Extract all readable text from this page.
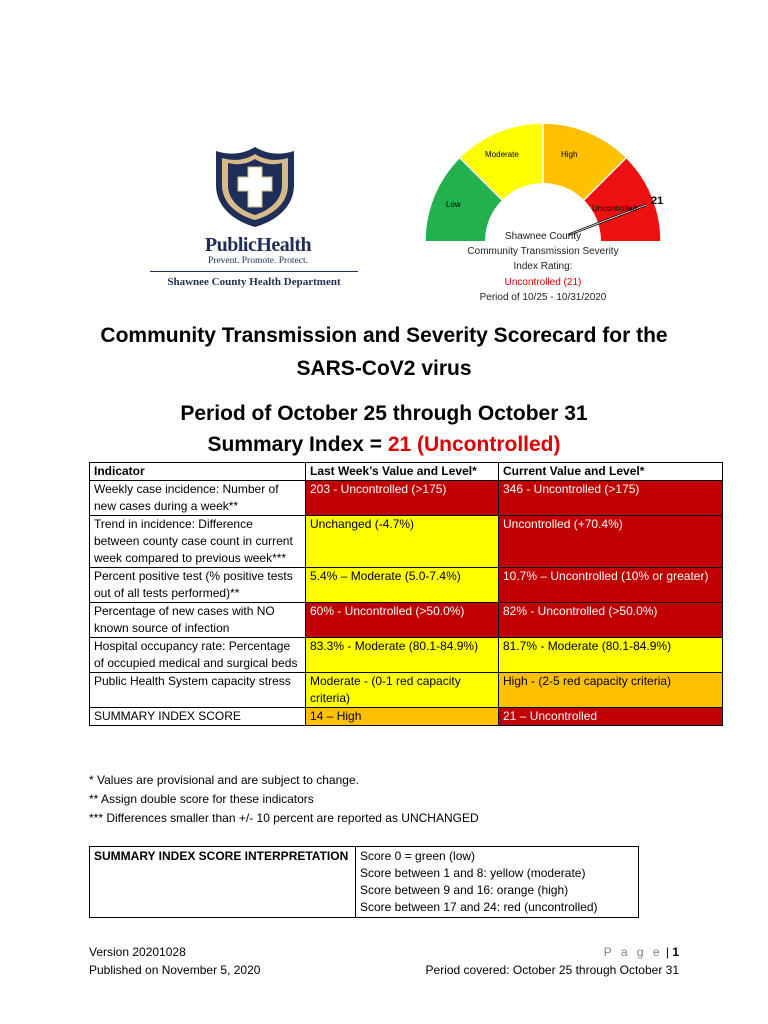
PublicHealth
Prevent. Promote. Protect.
Shawnee County Health Department
Low
Moderate	High
Uncontrolled
21
Shawnee County
Community Transmission Severity
Index Rating:
Uncontrolled (21)
Period of 10/25 - 10/31/2020
Community Transmission and Severity Scorecard for the
SARS-CoV2 virus
Period of October 25 through October 31
Summary Index = 21 (Uncontrolled)
Indicator	Last Week’s Value and Level*	Current Value and Level*
Weekly case incidence: Number of new cases during a week**	203 - Uncontrolled (>175)	346 - Uncontrolled (>175)
Trend in incidence: Difference between county case count in current week compared to previous week***	Unchanged (-4.7%)	Uncontrolled (+70.4%)
Percent positive test (% positive tests out of all tests performed)**	5.4% – Moderate (5.0-7.4%)	10.7% – Uncontrolled (10% or greater)
Percentage of new cases with NO known source of infection	60% - Uncontrolled (>50.0%)	82% - Uncontrolled (>50.0%)
Hospital occupancy rate: Percentage of occupied medical and surgical beds	83.3% - Moderate (80.1-84.9%)	81.7% - Moderate (80.1-84.9%)
Public Health System capacity stress	Moderate - (0-1 red capacity criteria)	High - (2-5 red capacity criteria)
SUMMARY INDEX SCORE	14 – High	21 – Uncontrolled
* Values are provisional and are subject to change.
** Assign double score for these indicators
*** Differences smaller than +/- 10 percent are reported as UNCHANGED
SUMMARY INDEX SCORE INTERPRETATION	Score 0 = green (low)
Score between 1 and 8: yellow (moderate)
Score between 9 and 16: orange (high)
Score between 17 and 24: red (uncontrolled)
Version 20201028
Published on November 5, 2020
P a g e | 1
Period covered: October 25 through October 31
